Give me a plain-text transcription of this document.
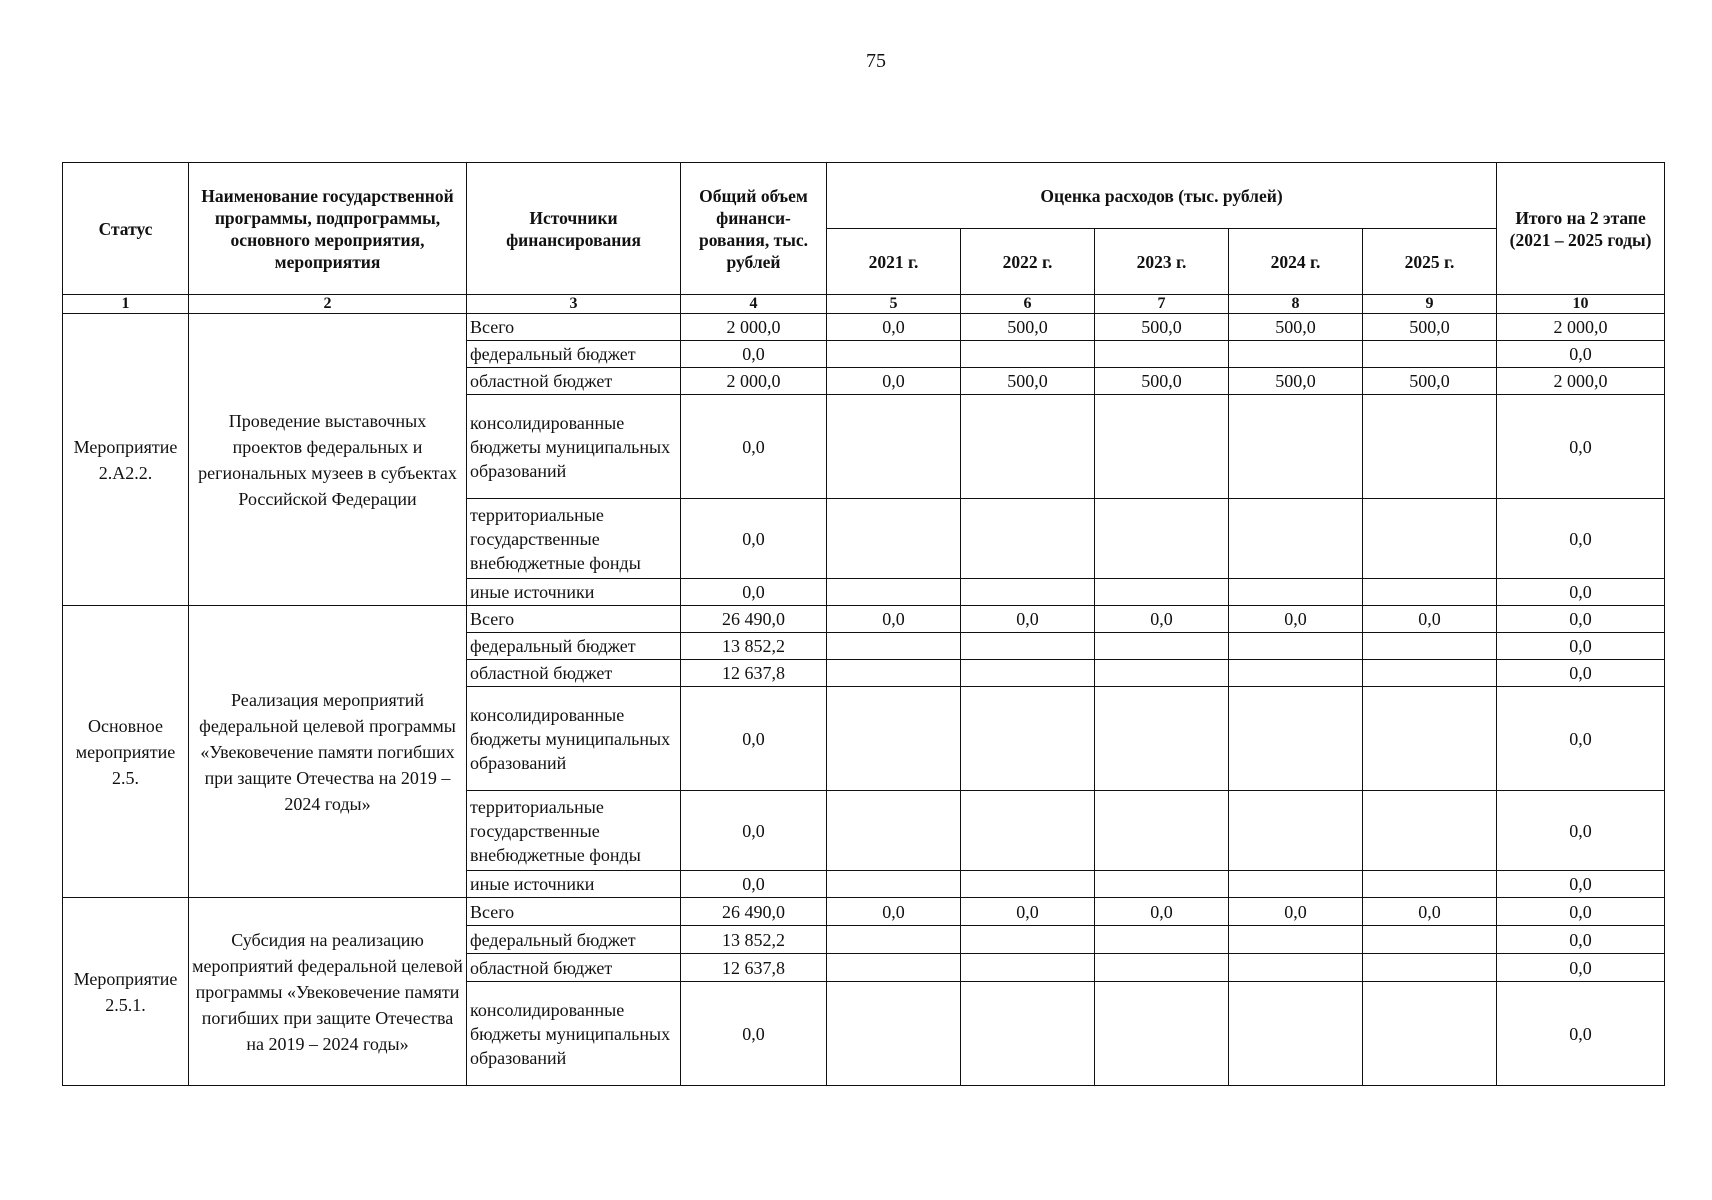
75
Статус	Наименование государственной программы, подпрограммы, основного мероприятия, мероприятия	Источники финансирования	Общий объем финанси-рования, тыс. рублей	Оценка расходов (тыс. рублей)					Итого на 2 этапе (2021 – 2025 годы)
				2021 г.	2022 г.	2023 г.	2024 г.	2025 г.	
1	2	3	4	5	6	7	8	9	10
Мероприятие 2.А2.2.	Проведение выставочных проектов федеральных и региональных музеев в субъектах Российской Федерации	Всего	2 000,0	0,0	500,0	500,0	500,0	500,0	2 000,0
		федеральный бюджет	0,0						0,0
		областной бюджет	2 000,0	0,0	500,0	500,0	500,0	500,0	2 000,0
		консолидированные бюджеты муниципальных образований	0,0						0,0
		территориальные государственные внебюджетные фонды	0,0						0,0
		иные источники	0,0						0,0
Основное мероприятие 2.5.	Реализация мероприятий федеральной целевой программы «Увековечение памяти погибших при защите Отечества на 2019 – 2024 годы»	Всего	26 490,0	0,0	0,0	0,0	0,0	0,0	0,0
		федеральный бюджет	13 852,2						0,0
		областной бюджет	12 637,8						0,0
		консолидированные бюджеты муниципальных образований	0,0						0,0
		территориальные государственные внебюджетные фонды	0,0						0,0
		иные источники	0,0						0,0
Мероприятие 2.5.1.	Субсидия на реализацию мероприятий федеральной целевой программы «Увековечение памяти погибших при защите Отечества на 2019 – 2024 годы»	Всего	26 490,0	0,0	0,0	0,0	0,0	0,0	0,0
		федеральный бюджет	13 852,2						0,0
		областной бюджет	12 637,8						0,0
		консолидированные бюджеты муниципальных образований	0,0						0,0
